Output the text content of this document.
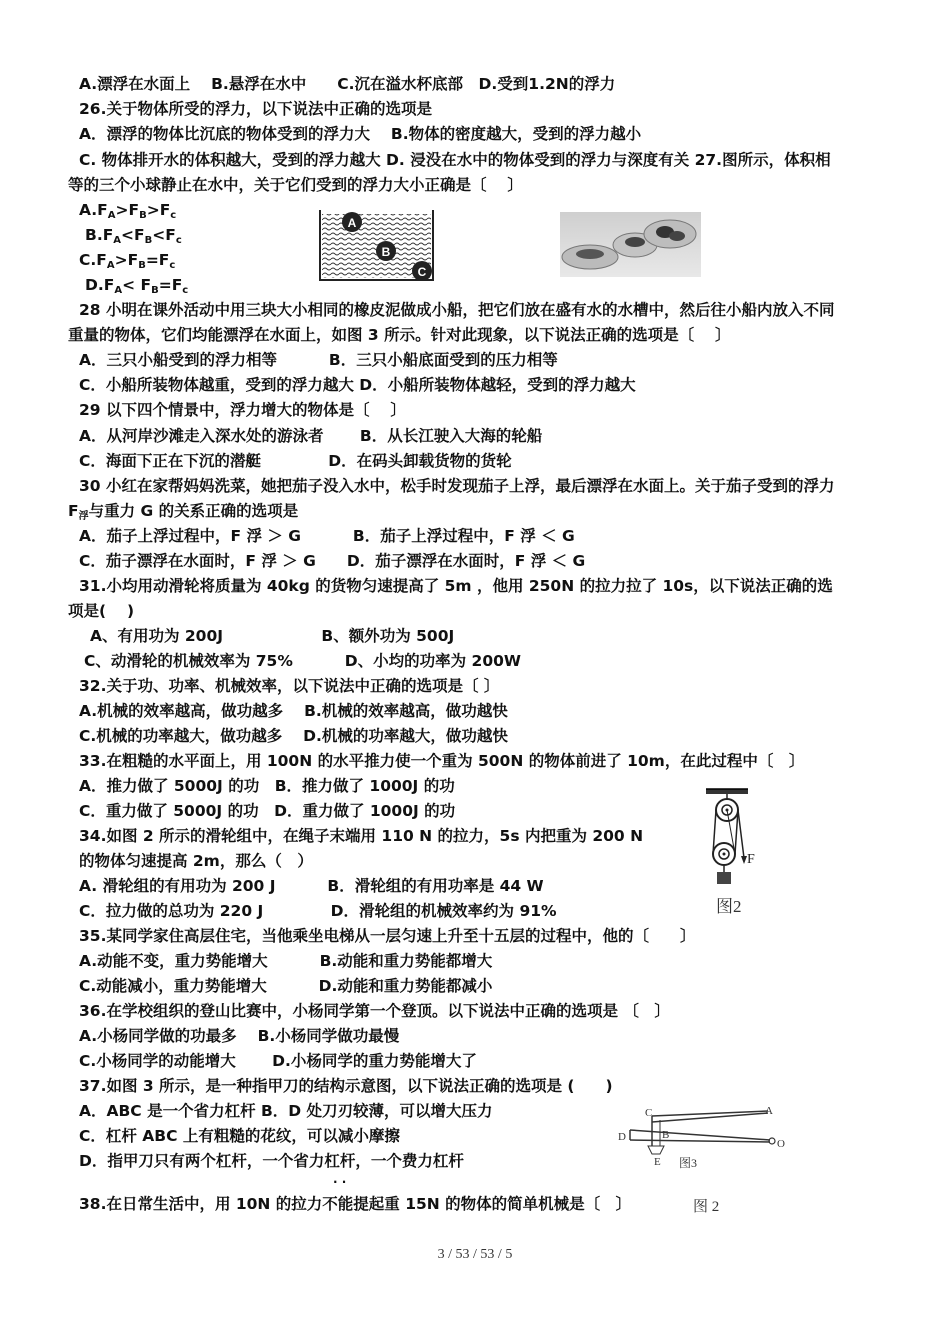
A.漂浮在水面上　 B.悬浮在水中　　C.沉在溢水杯底部　D.受到1.2N的浮力
26.关于物体所受的浮力，以下说法中正确的选项是
A．漂浮的物体比沉底的物体受到的浮力大　 B.物体的密度越大，受到的浮力越小
C. 物体排开水的体积越大，受到的浮力越大 D. 浸没在水中的物体受到的浮力与深度有关 27.图所示，体积相
等的三个小球静止在水中，关于它们受到的浮力大小正确是〔　 〕
$A.F_A>F_B>F_c$
$B.F_A<F_B<F_c$
$C.F_A>F_B=F_c$
$D.F_A< F_B=F_c$
A
B
C
28 小明在课外活动中用三块大小相同的橡皮泥做成小船，把它们放在盛有水的水槽中，然后往小船内放入不同
重量的物体，它们均能漂浮在水面上，如图 3 所示。针对此现象，以下说法正确的选项是〔　 〕
A．三只小船受到的浮力相等　　　 B．三只小船底面受到的压力相等
C．小船所装物体越重，受到的浮力越大 D．小船所装物体越轻，受到的浮力越大
29 以下四个情景中，浮力增大的物体是〔　 〕
A．从河岸沙滩走入深水处的游泳者　　 B．从长江驶入大海的轮船
C．海面下正在下沉的潜艇　　　　 D．在码头卸载货物的货轮
30 小红在家帮妈妈洗菜，她把茄子没入水中，松手时发现茄子上浮，最后漂浮在水面上。关于茄子受到的浮力
$F_浮$与重力 G 的关系正确的选项是
A．茄子上浮过程中，F 浮 ＞ G　　　 B．茄子上浮过程中，F 浮 ＜ G
C．茄子漂浮在水面时，F 浮 ＞ G　　D．茄子漂浮在水面时，F 浮 ＜ G
31.小均用动滑轮将质量为 40kg 的货物匀速提高了 5m ，他用 250N 的拉力拉了 10s，以下说法正确的选
项是(　 )
A、有用功为 200J　　　　　　 B、额外功为 500J
C、动滑轮的机械效率为 75%　　　 D、小均的功率为 200W
32.关于功、功率、机械效率，以下说法中正确的选项是〔 〕
A.机械的效率越高，做功越多　 B.机械的效率越高，做功越快
C.机械的功率越大，做功越多　 D.机械的功率越大，做功越快
33.在粗糙的水平面上，用 100N 的水平推力使一个重为 500N 的物体前进了 10m，在此过程中〔　〕
A．推力做了 5000J 的功　B．推力做了 1000J 的功
C．重力做了 5000J 的功　D．重力做了 1000J 的功
34.如图 2 所示的滑轮组中，在绳子末端用 110 N 的拉力，5s 内把重为 200 N
的物体匀速提高 2m，那么（　）
A. 滑轮组的有用功为 200 J　　　 B．滑轮组的有用功率是 44 W
C．拉力做的总功为 220 J　　　　 D．滑轮组的机械效率约为 91%
F
图2
35.某同学家住高层住宅，当他乘坐电梯从一层匀速上升至十五层的过程中，他的〔　　〕
A.动能不变，重力势能增大　　　 B.动能和重力势能都增大
C.动能减小，重力势能增大　　　 D.动能和重力势能都减小
36.在学校组织的登山比赛中，小杨同学第一个登顶。以下说法中正确的选项是 〔　〕
A.小杨同学做的功最多　 B.小杨同学做功最慢
C.小杨同学的动能增大　　 D.小杨同学的重力势能增大了
37.如图 3 所示，是一种指甲刀的结构示意图，以下说法正确的选项是 (　　)
A．ABC 是一个省力杠杆 B．D 处刀刃较薄，可以增大压力
C．杠杆 ABC 上有粗糙的花纹，可以减小摩擦
D．指甲刀只有两个杠杆，一个省力杠杆，一个费力杠杆
· ·
C	A
D	B
O
E 图3
38.在日常生活中，用 10N 的拉力不能提起重 15N 的物体的简单机械是〔　〕	图 2
3 / 53 / 53 / 5
